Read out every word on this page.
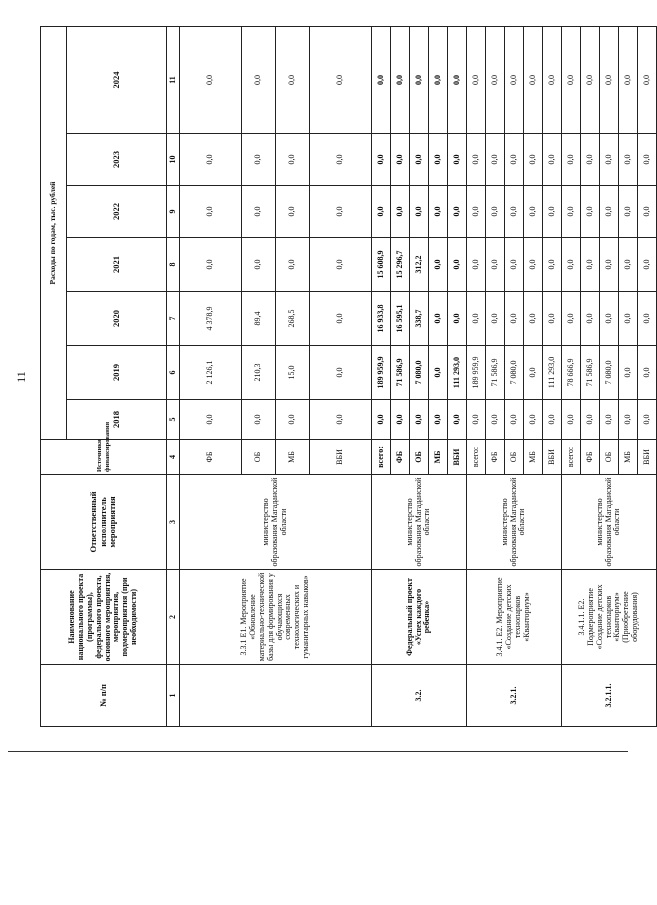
11
№ п/п	Наименование национального проекта (программы), федерального проекта, основного мероприятия, мероприятия, подмероприятия (при необходимости)	Ответственный исполнитель мероприятия	Источники финансирования	Расходы по годам, тыс. рублей						
				2018	2019	2020	2021	2022	2023	2024
1	2	3	4	5	6	7	8	9	10	11
	3.3.1 E1. Мероприятие «Обновление материально-технической базы для формирования у обучающихся современных технологических и гуманитарных навыков»	министерство образования Магаданской области	ФБ	0,0	2 126,1	4 378,9	0,0	0,0	0,0	0,0
			ОБ	0,0	210,3	89,4	0,0	0,0	0,0	0,0
			МБ	0,0	15,0	268,5	0,0	0,0	0,0	0,0
			ВБИ	0,0	0,0	0,0	0,0	0,0	0,0	0,0
3.2.	Федеральный проект «Успех каждого ребенка»	министерство образования Магаданской области	всего:	0,0	189 959,9	16 933,8	15 608,9	0,0	0,0	0,0
			ФБ	0,0	71 586,9	16 595,1	15 296,7	0,0	0,0	0,0
			ОБ	0,0	7 080,0	338,7	312,2	0,0	0,0	0,0
			МБ	0,0	0,0	0,0	0,0	0,0	0,0	0,0
			ВБИ	0,0	111 293,0	0,0	0,0	0,0	0,0	0,0
3.2.1.	3.4.1. E2. Мероприятие «Создание детских технопарков «Кванториум»	министерство образования Магаданской области	всего:	0,0	189 959,9	0,0	0,0	0,0	0,0	0,0
			ФБ	0,0	71 586,9	0,0	0,0	0,0	0,0	0,0
			ОБ	0,0	7 080,0	0,0	0,0	0,0	0,0	0,0
			МБ	0,0	0,0	0,0	0,0	0,0	0,0	0,0
			ВБИ	0,0	111 293,0	0,0	0,0	0,0	0,0	0,0
3.2.1.1.	3.4.1.1. E2. Подмероприятие «Создание детских технопарков «Кванториум» (Приобретение оборудования)	министерство образования Магаданской области	всего:	0,0	78 666,9	0,0	0,0	0,0	0,0	0,0
			ФБ	0,0	71 586,9	0,0	0,0	0,0	0,0	0,0
			ОБ	0,0	7 080,0	0,0	0,0	0,0	0,0	0,0
			МБ	0,0	0,0	0,0	0,0	0,0	0,0	0,0
			ВБИ	0,0	0,0	0,0	0,0	0,0	0,0	0,0
